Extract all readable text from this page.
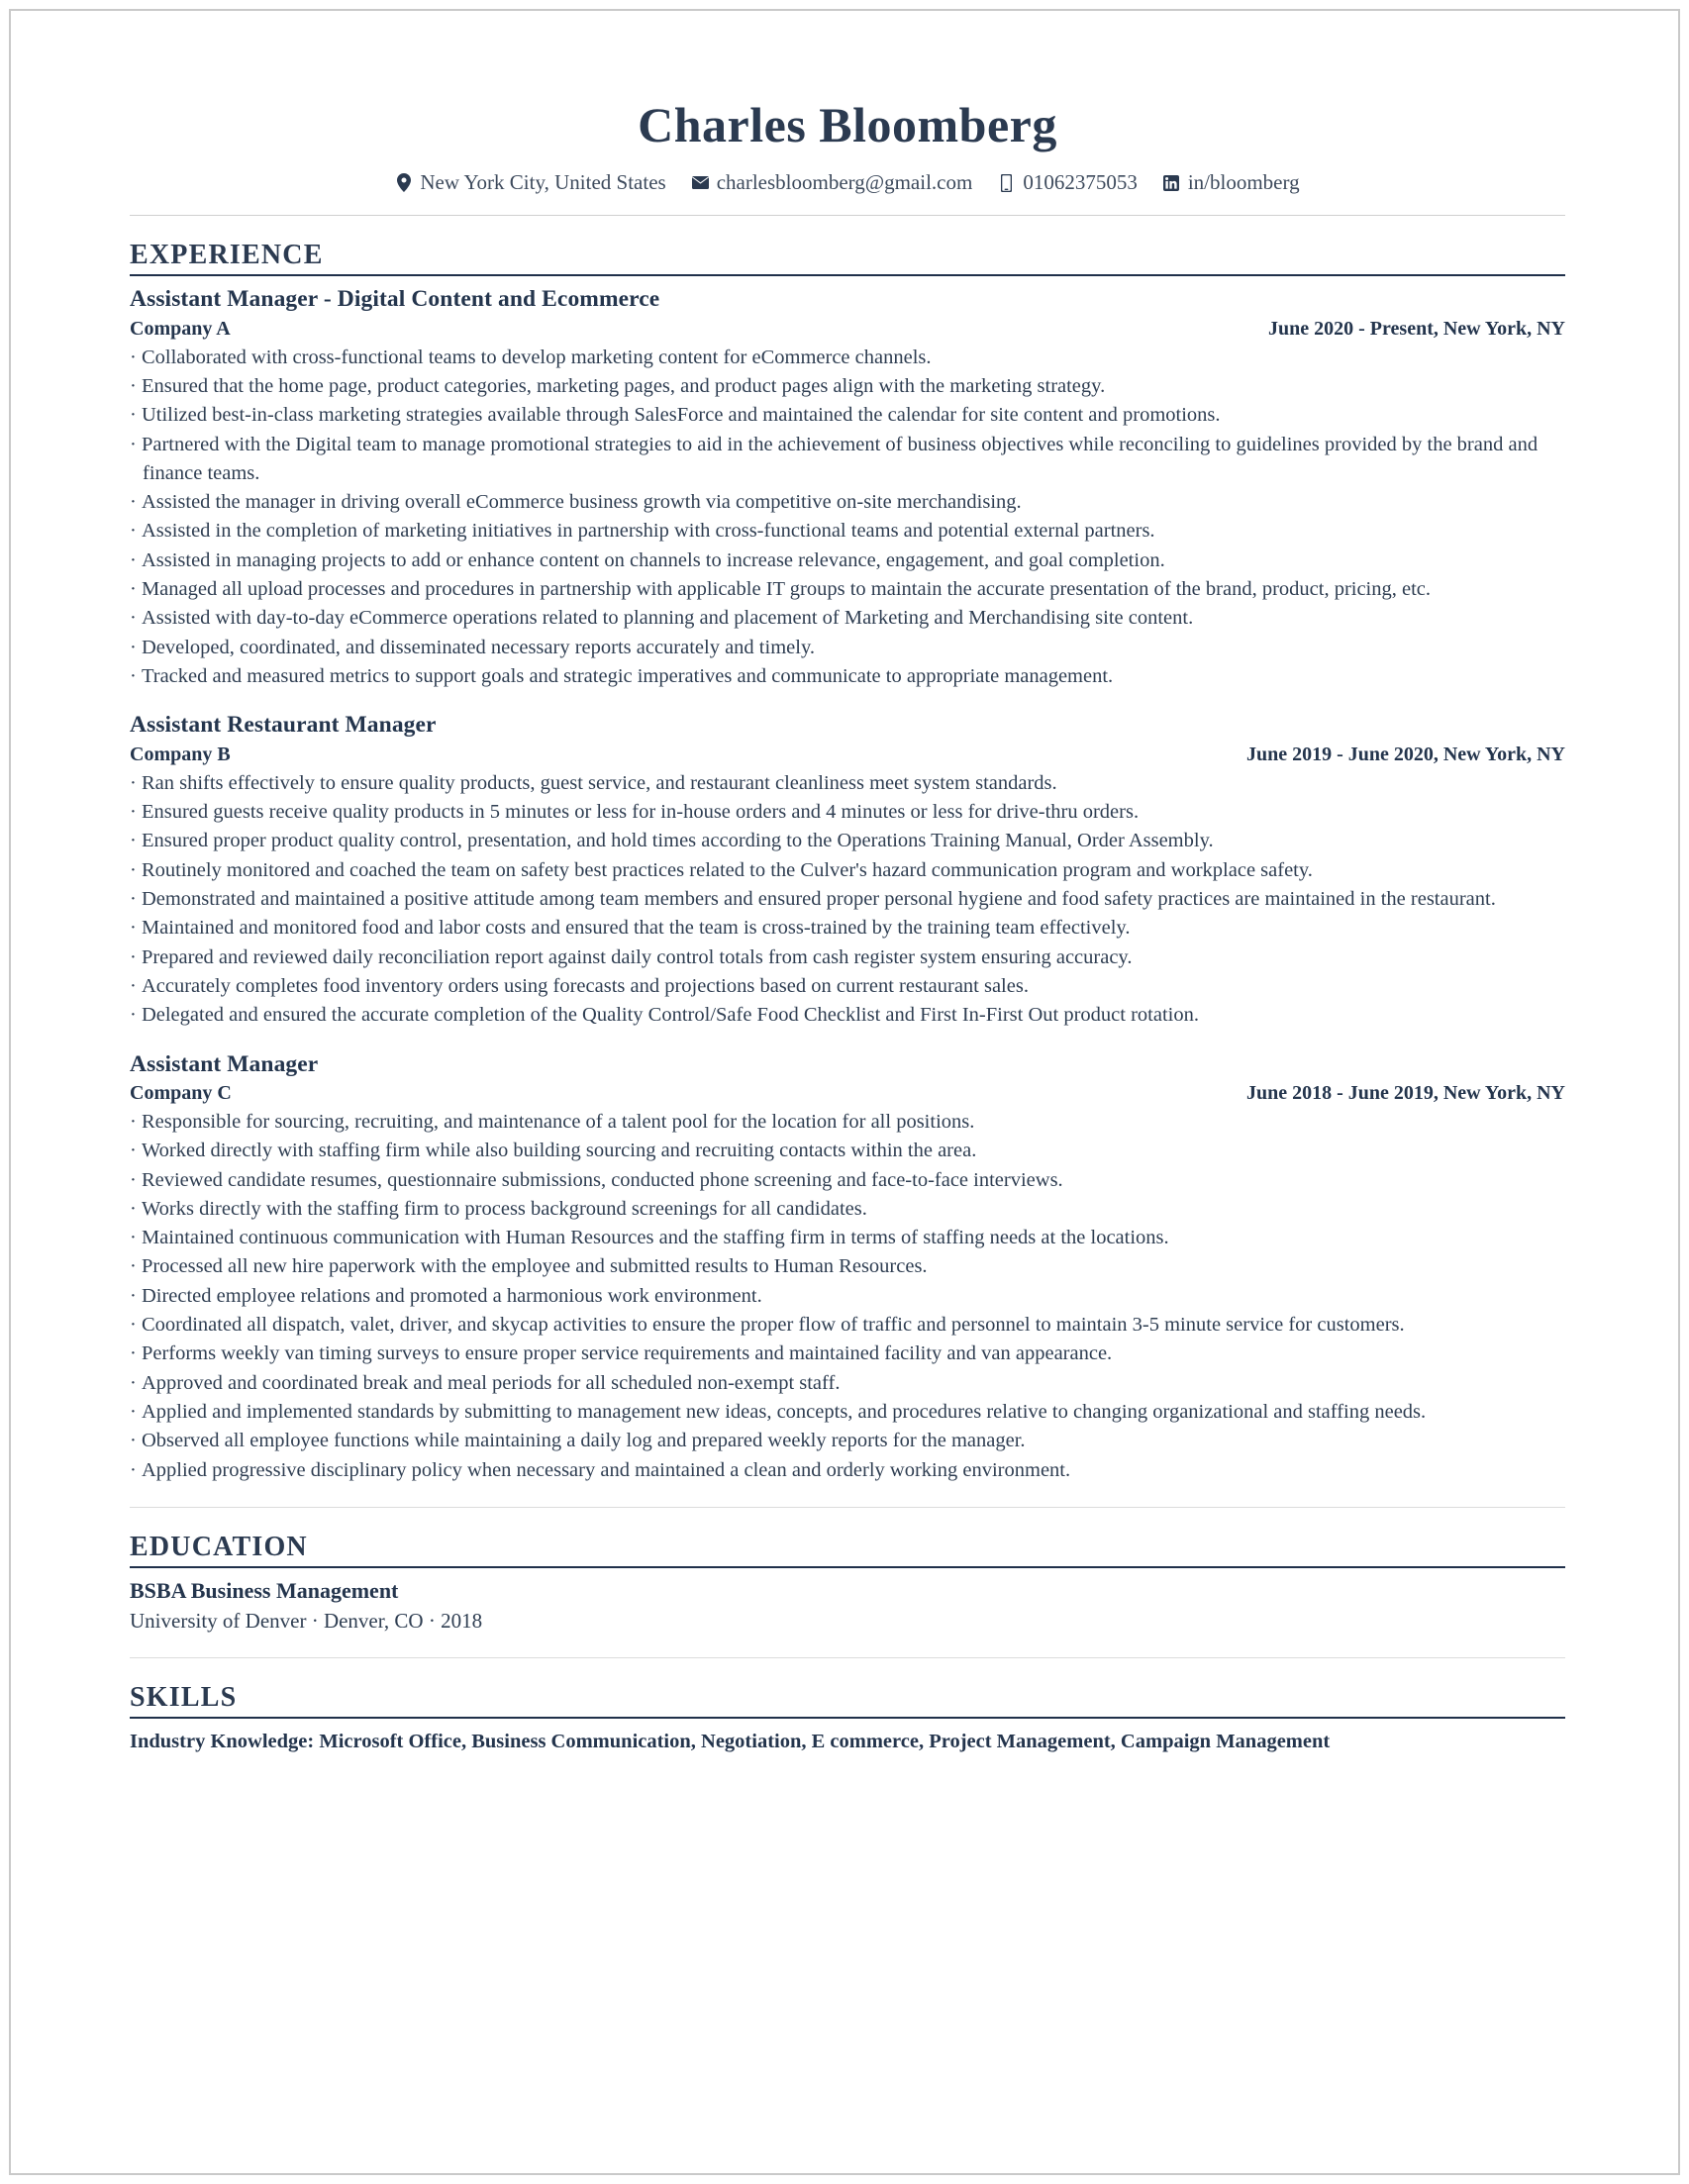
Charles Bloomberg
New York City, United States charlesbloomberg@gmail.com 01062375053 in/bloomberg
EXPERIENCE
Assistant Manager - Digital Content and Ecommerce
Company A	June 2020 - Present, New York, NY
· Collaborated with cross-functional teams to develop marketing content for eCommerce channels.
· Ensured that the home page, product categories, marketing pages, and product pages align with the marketing strategy.
· Utilized best-in-class marketing strategies available through SalesForce and maintained the calendar for site content and promotions.
· Partnered with the Digital team to manage promotional strategies to aid in the achievement of business objectives while reconciling to guidelines provided by the brand and finance teams.
· Assisted the manager in driving overall eCommerce business growth via competitive on-site merchandising.
· Assisted in the completion of marketing initiatives in partnership with cross-functional teams and potential external partners.
· Assisted in managing projects to add or enhance content on channels to increase relevance, engagement, and goal completion.
· Managed all upload processes and procedures in partnership with applicable IT groups to maintain the accurate presentation of the brand, product, pricing, etc.
· Assisted with day-to-day eCommerce operations related to planning and placement of Marketing and Merchandising site content.
· Developed, coordinated, and disseminated necessary reports accurately and timely.
· Tracked and measured metrics to support goals and strategic imperatives and communicate to appropriate management.
Assistant Restaurant Manager
Company B	June 2019 - June 2020, New York, NY
· Ran shifts effectively to ensure quality products, guest service, and restaurant cleanliness meet system standards.
· Ensured guests receive quality products in 5 minutes or less for in-house orders and 4 minutes or less for drive-thru orders.
· Ensured proper product quality control, presentation, and hold times according to the Operations Training Manual, Order Assembly.
· Routinely monitored and coached the team on safety best practices related to the Culver's hazard communication program and workplace safety.
· Demonstrated and maintained a positive attitude among team members and ensured proper personal hygiene and food safety practices are maintained in the restaurant.
· Maintained and monitored food and labor costs and ensured that the team is cross-trained by the training team effectively.
· Prepared and reviewed daily reconciliation report against daily control totals from cash register system ensuring accuracy.
· Accurately completes food inventory orders using forecasts and projections based on current restaurant sales.
· Delegated and ensured the accurate completion of the Quality Control/Safe Food Checklist and First In-First Out product rotation.
Assistant Manager
Company C	June 2018 - June 2019, New York, NY
· Responsible for sourcing, recruiting, and maintenance of a talent pool for the location for all positions.
· Worked directly with staffing firm while also building sourcing and recruiting contacts within the area.
· Reviewed candidate resumes, questionnaire submissions, conducted phone screening and face-to-face interviews.
· Works directly with the staffing firm to process background screenings for all candidates.
· Maintained continuous communication with Human Resources and the staffing firm in terms of staffing needs at the locations.
· Processed all new hire paperwork with the employee and submitted results to Human Resources.
· Directed employee relations and promoted a harmonious work environment.
· Coordinated all dispatch, valet, driver, and skycap activities to ensure the proper flow of traffic and personnel to maintain 3-5 minute service for customers.
· Performs weekly van timing surveys to ensure proper service requirements and maintained facility and van appearance.
· Approved and coordinated break and meal periods for all scheduled non-exempt staff.
· Applied and implemented standards by submitting to management new ideas, concepts, and procedures relative to changing organizational and staffing needs.
· Observed all employee functions while maintaining a daily log and prepared weekly reports for the manager.
· Applied progressive disciplinary policy when necessary and maintained a clean and orderly working environment.
EDUCATION
BSBA Business Management
University of Denver · Denver, CO · 2018
SKILLS
Industry Knowledge: Microsoft Office, Business Communication, Negotiation, E commerce, Project Management, Campaign Management
